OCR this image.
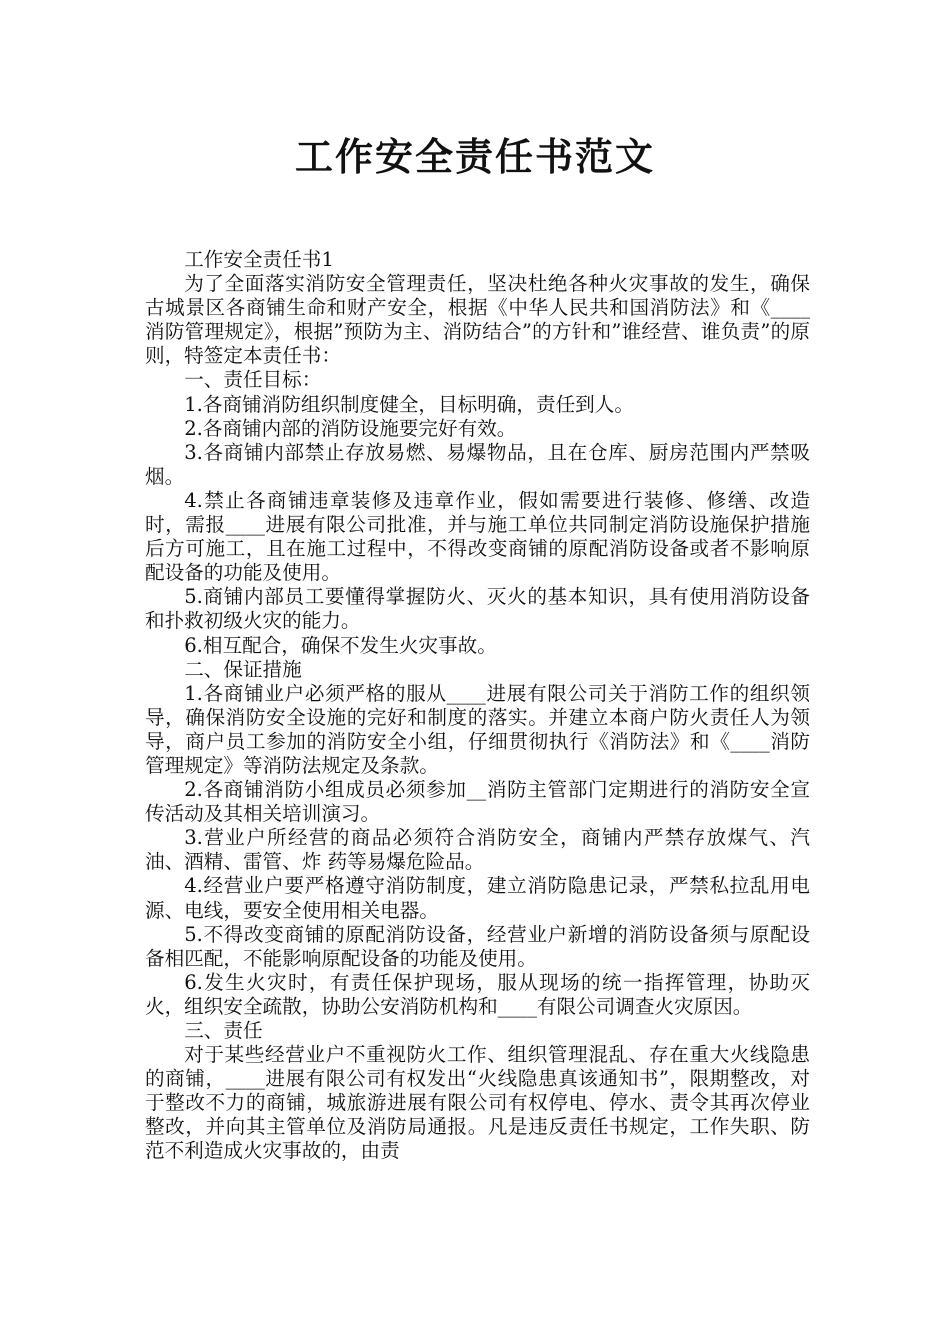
工作安全责任书范文

工作安全责任书1

为了全面落实消防安全管理责任，坚决杜绝各种火灾事故的发生，确保古城景区各商铺生命和财产安全，根据《中华人民共和国消防法》和《____消防管理规定》，根据”预防为主、消防结合”的方针和”谁经营、谁负责”的原则，特签定本责任书：

一、责任目标：

1.各商铺消防组织制度健全，目标明确，责任到人。

2.各商铺内部的消防设施要完好有效。

3.各商铺内部禁止存放易燃、易爆物品，且在仓库、厨房范围内严禁吸烟。

4.禁止各商铺违章装修及违章作业，假如需要进行装修、修缮、改造时，需报____进展有限公司批准，并与施工单位共同制定消防设施保护措施后方可施工，且在施工过程中，不得改变商铺的原配消防设备或者不影响原配设备的功能及使用。

5.商铺内部员工要懂得掌握防火、灭火的基本知识，具有使用消防设备和扑救初级火灾的能力。

6.相互配合，确保不发生火灾事故。

二、保证措施

1.各商铺业户必须严格的服从____进展有限公司关于消防工作的组织领导，确保消防安全设施的完好和制度的落实。并建立本商户防火责任人为领导，商户员工参加的消防安全小组，仔细贯彻执行《消防法》和《____消防管理规定》等消防法规定及条款。

2.各商铺消防小组成员必须参加__消防主管部门定期进行的消防安全宣传活动及其相关培训演习。

3.营业户所经营的商品必须符合消防安全，商铺内严禁存放煤气、汽油、酒精、雷管、炸 药等易爆危险品。

4.经营业户要严格遵守消防制度，建立消防隐患记录，严禁私拉乱用电源、电线，要安全使用相关电器。

5.不得改变商铺的原配消防设备，经营业户新增的消防设备须与原配设备相匹配，不能影响原配设备的功能及使用。

6.发生火灾时，有责任保护现场，服从现场的统一指挥管理，协助灭火，组织安全疏散，协助公安消防机构和____有限公司调查火灾原因。

三、责任

对于某些经营业户不重视防火工作、组织管理混乱、存在重大火线隐患的商铺，____进展有限公司有权发出“火线隐患真该通知书”，限期整改，对于整改不力的商铺，城旅游进展有限公司有权停电、停水、责令其再次停业整改，并向其主管单位及消防局通报。凡是违反责任书规定，工作失职、防范不利造成火灾事故的，由责
